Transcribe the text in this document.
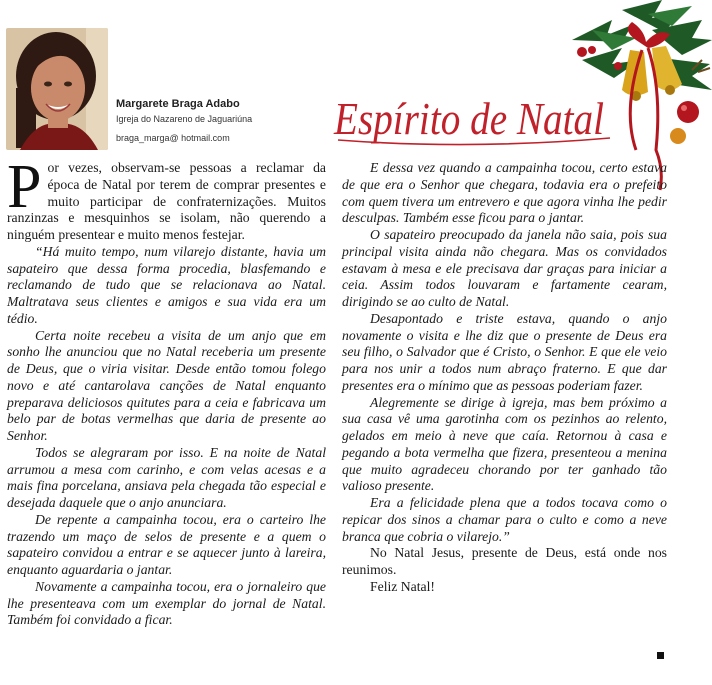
Margarete Braga Adabo
Igreja do Nazareno de Jaguariúna
braga_marga@ hotmail.com	Espírito de Natal

Por vezes, observam-se pessoas a reclamar da época de Natal por terem de comprar presentes e muito participar de confraternizações. Muitos ranzinzas e mesquinhos se isolam, não querendo a ninguém presentear e muito menos festejar.

“Há muito tempo, num vilarejo distante, havia um sapateiro que dessa forma procedia, blasfemando e reclamando de tudo que se relacionava ao Natal. Maltratava seus clientes e amigos e sua vida era um tédio.

Certa noite recebeu a visita de um anjo que em sonho lhe anunciou que no Natal receberia um presente de Deus, que o viria visitar. Desde então tomou folego novo e até cantarolava canções de Natal enquanto preparava deliciosos quitutes para a ceia e fabricava um belo par de botas vermelhas que daria de presente ao Senhor.

Todos se alegraram por isso. E na noite de Natal arrumou a mesa com carinho, e com velas acesas e a mais fina porcelana, ansiava pela chegada tão especial e desejada daquele que o anjo anunciara.

De repente a campainha tocou, era o carteiro lhe trazendo um maço de selos de presente e a quem o sapateiro convidou a entrar e se aquecer junto à lareira, enquanto aguardaria o jantar.

Novamente a campainha tocou, era o jornaleiro que lhe presenteava com um exemplar do jornal de Natal. Também foi convidado a ficar.

E dessa vez quando a campainha tocou, certo estava de que era o Senhor que chegara, todavia era o prefeito com quem tivera um entrevero e que agora vinha lhe pedir desculpas. Também esse ficou para o jantar.

O sapateiro preocupado da janela não saia, pois sua principal visita ainda não chegara. Mas os convidados estavam à mesa e ele precisava dar graças para iniciar a ceia. Assim todos louvaram e fartamente cearam, dirigindo se ao culto de Natal.

Desapontado e triste estava, quando o anjo novamente o visita e lhe diz que o presente de Deus era seu filho, o Salvador que é Cristo, o Senhor. E que ele veio para nos unir a todos num abraço fraterno. E que dar presentes era o mínimo que as pessoas poderiam fazer.

Alegremente se dirige à igreja, mas bem próximo a sua casa vê uma garotinha com os pezinhos ao relento, gelados em meio à neve que caía. Retornou à casa e pegando a bota vermelha que fizera, presenteou a menina que muito agradeceu chorando por ter ganhado tão valioso presente.

Era a felicidade plena que a todos tocava como o repicar dos sinos a chamar para o culto e como a neve branca que cobria o vilarejo.”

No Natal Jesus, presente de Deus, está onde nos reunimos.

Feliz Natal!
